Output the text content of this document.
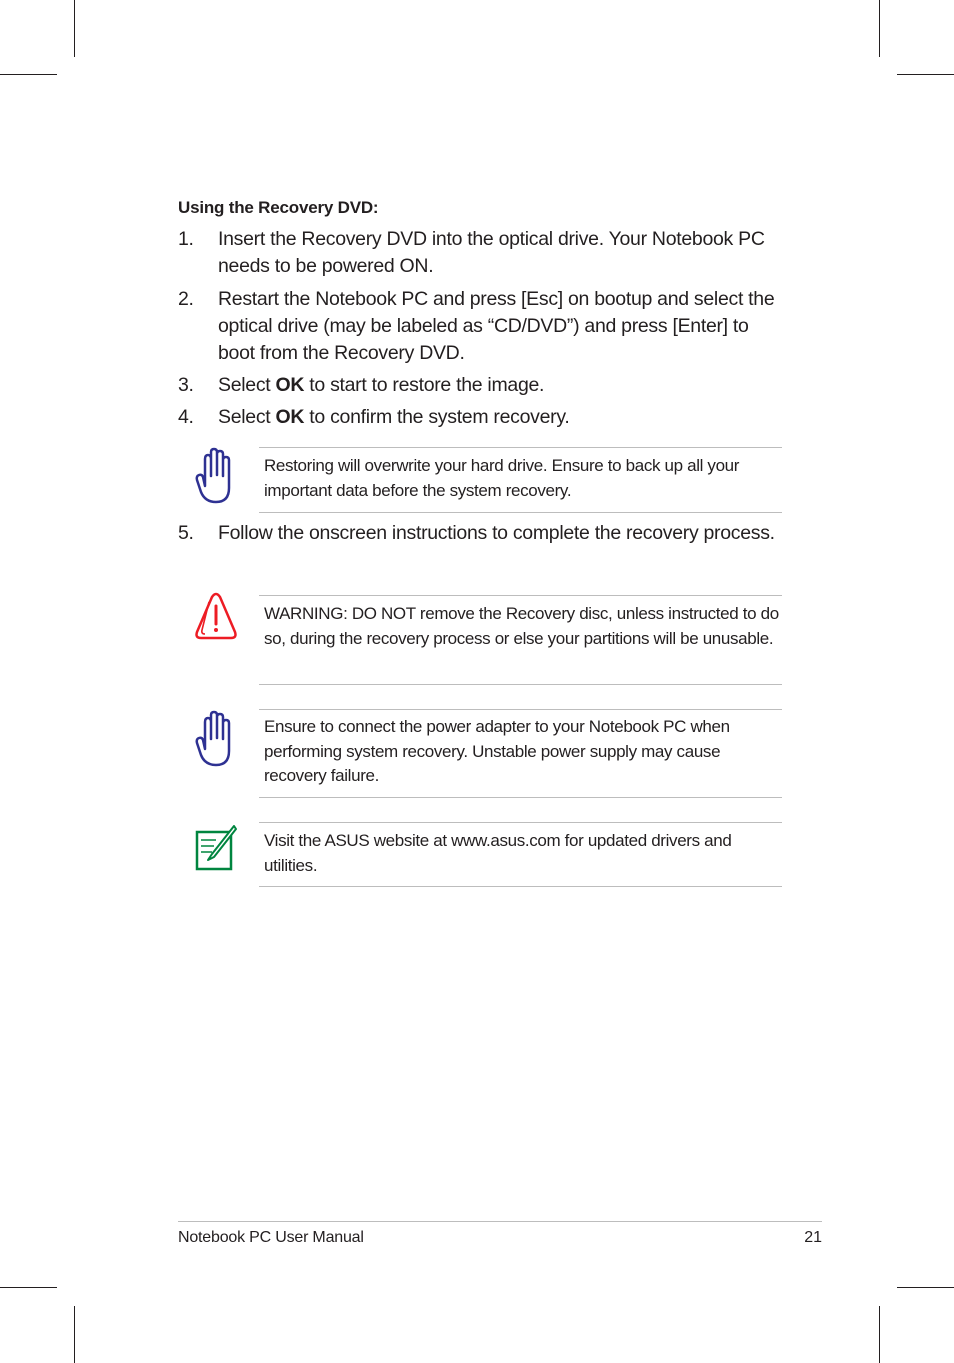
Using the Recovery DVD:
1. Insert the Recovery DVD into the optical drive. Your Notebook PC needs to be powered ON.
2. Restart the Notebook PC and press [Esc] on bootup and select the optical drive (may be labeled as “CD/DVD”) and press [Enter] to boot from the Recovery DVD.
3. Select OK to start to restore the image.
4. Select OK to confirm the system recovery.
5. Follow the onscreen instructions to complete the recovery process.
Restoring will overwrite your hard drive. Ensure to back up all your important data before the system recovery.
WARNING: DO NOT remove the Recovery disc, unless instructed to do so, during the recovery process or else your partitions will be unusable.
Ensure to connect the power adapter to your Notebook PC when performing system recovery. Unstable power supply may cause recovery failure.
Visit the ASUS website at www.asus.com for updated drivers and utilities.
Notebook PC User Manual	21
